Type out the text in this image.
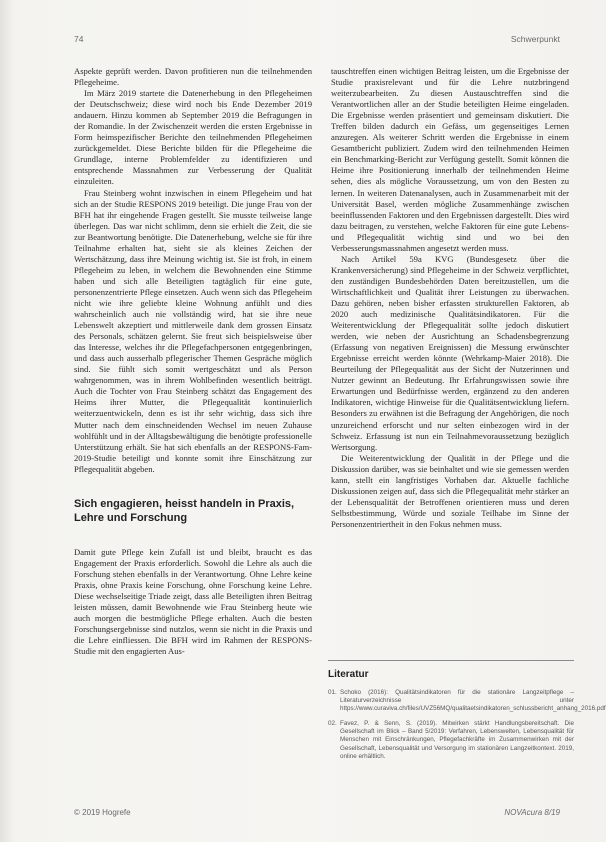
74	Schwerpunkt

Aspekte geprüft werden. Davon profitieren nun die teilnehmenden Pflegeheime.

Im März 2019 startete die Datenerhebung in den Pflegeheimen der Deutschschweiz; diese wird noch bis Ende Dezember 2019 andauern. Hinzu kommen ab September 2019 die Befragungen in der Romandie. In der Zwischenzeit werden die ersten Ergebnisse in Form heimspezifischer Berichte den teilnehmenden Pflegeheimen zurückgemeldet. Diese Berichte bilden für die Pflegeheime die Grundlage, interne Problemfelder zu identifizieren und entsprechende Massnahmen zur Verbesserung der Qualität einzuleiten.

Frau Steinberg wohnt inzwischen in einem Pflegeheim und hat sich an der Studie RESPONS 2019 beteiligt. Die junge Frau von der BFH hat ihr eingehende Fragen gestellt. Sie musste teilweise lange überlegen. Das war nicht schlimm, denn sie erhielt die Zeit, die sie zur Beantwortung benötigte. Die Datenerhebung, welche sie für ihre Teilnahme erhalten hat, sieht sie als kleines Zeichen der Wertschätzung, dass ihre Meinung wichtig ist. Sie ist froh, in einem Pflegeheim zu leben, in welchem die Bewohnenden eine Stimme haben und sich alle Beteiligten tagtäglich für eine gute, personenzentrierte Pflege einsetzen. Auch wenn sich das Pflegeheim nicht wie ihre geliebte kleine Wohnung anfühlt und dies wahrscheinlich auch nie vollständig wird, hat sie ihre neue Lebenswelt akzeptiert und mittlerweile dank dem grossen Einsatz des Personals, schätzen gelernt. Sie freut sich beispielsweise über das Interesse, welches ihr die Pflegefachpersonen entgegenbringen, und dass auch ausserhalb pflegerischer Themen Gespräche möglich sind. Sie fühlt sich somit wertgeschätzt und als Person wahrgenommen, was in ihrem Wohlbefinden wesentlich beiträgt. Auch die Tochter von Frau Steinberg schätzt das Engagement des Heims ihrer Mutter, die Pflegequalität kontinuierlich weiterzuentwickeln, denn es ist ihr sehr wichtig, dass sich ihre Mutter nach dem einschneidenden Wechsel im neuen Zuhause wohlfühlt und in der Alltagsbewältigung die benötigte professionelle Unterstützung erhält. Sie hat sich ebenfalls an der RESPONS-Fam-2019-Studie beteiligt und konnte somit ihre Einschätzung zur Pflegequalität abgeben.

Sich engagieren, heisst handeln in Praxis, Lehre und Forschung

Damit gute Pflege kein Zufall ist und bleibt, braucht es das Engagement der Praxis erforderlich. Sowohl die Lehre als auch die Forschung stehen ebenfalls in der Verantwortung. Ohne Lehre keine Praxis, ohne Praxis keine Forschung, ohne Forschung keine Lehre. Diese wechselseitige Triade zeigt, dass alle Beteiligten ihren Beitrag leisten müssen, damit Bewohnende wie Frau Steinberg heute wie auch morgen die bestmögliche Pflege erhalten. Auch die besten Forschungsergebnisse sind nutzlos, wenn sie nicht in die Praxis und die Lehre einfliessen. Die BFH wird im Rahmen der RESPONS-Studie mit den engagierten Aus-

tauschtreffen einen wichtigen Beitrag leisten, um die Ergebnisse der Studie praxisrelevant und für die Lehre nutzbringend weiterzubearbeiten. Zu diesen Austauschtreffen sind die Verantwortlichen aller an der Studie beteiligten Heime eingeladen. Die Ergebnisse werden präsentiert und gemeinsam diskutiert. Die Treffen bilden dadurch ein Gefäss, um gegenseitiges Lernen anzuregen. Als weiterer Schritt werden die Ergebnisse in einem Gesamtbericht publiziert. Zudem wird den teilnehmenden Heimen ein Benchmarking-Bericht zur Verfügung gestellt. Somit können die Heime ihre Positionierung innerhalb der teilnehmenden Heime sehen, dies als mögliche Voraussetzung, um von den Besten zu lernen. In weiteren Datenanalysen, auch in Zusammenarbeit mit der Universität Basel, werden mögliche Zusammenhänge zwischen beeinflussenden Faktoren und den Ergebnissen dargestellt. Dies wird dazu beitragen, zu verstehen, welche Faktoren für eine gute Lebens- und Pflegequalität wichtig sind und wo bei den Verbesserungsmassnahmen angesetzt werden muss.

Nach Artikel 59a KVG (Bundesgesetz über die Krankenversicherung) sind Pflegeheime in der Schweiz verpflichtet, den zuständigen Bundesbehörden Daten bereitzustellen, um die Wirtschaftlichkeit und Qualität ihrer Leistungen zu überwachen. Dazu gehören, neben bisher erfassten strukturellen Faktoren, ab 2020 auch medizinische Qualitätsindikatoren. Für die Weiterentwicklung der Pflegequalität sollte jedoch diskutiert werden, wie neben der Ausrichtung an Schadensbegrenzung (Erfassung von negativen Ereignissen) die Messung erwünschter Ergebnisse erreicht werden könnte (Wehrkamp-Maier 2018). Die Beurteilung der Pflegequalität aus der Sicht der Nutzerinnen und Nutzer gewinnt an Bedeutung. Ihr Erfahrungswissen sowie ihre Erwartungen und Bedürfnisse werden, ergänzend zu den anderen Indikatoren, wichtige Hinweise für die Qualitätsentwicklung liefern. Besonders zu erwähnen ist die Befragung der Angehörigen, die noch unzureichend erforscht und nur selten einbezogen wird in der Schweiz. Erfassung ist nun ein Teilnahmevoraussetzung bezüglich Wertsorgung.

Die Weiterentwicklung der Qualität in der Pflege und die Diskussion darüber, was sie beinhaltet und wie sie gemessen werden kann, stellt ein langfristiges Vorhaben dar. Aktuelle fachliche Diskussionen zeigen auf, dass sich die Pflegequalität mehr stärker an der Lebensqualität der Betroffenen orientieren muss und deren Selbstbestimmung, Würde und soziale Teilhabe im Sinne der Personenzentriertheit in den Fokus nehmen muss.

Literatur
01. Schoko (2016): Qualitätsindikatoren für die stationäre Langzeitpflege – Literaturverzeichnisse unter https://www.curaviva.ch/files/UVZ56MQ/qualitaetsindikatoren_schlussbericht_anhang_2016.pdf
02. Favez, P. & Senn, S. (2019). Mitwirken stärkt Handlungsbereitschaft. Die Gesellschaft im Blick – Band 5/2019: Verfahren, Lebenswelten, Lebensqualität für Menschen mit Einschränkungen, Pflegefachkräfte im Zusammenwirken mit der Gesellschaft, Lebensqualität und Versorgung im stationären Langzeitkontext. 2019, online erhältlich.
© 2019 Hogrefe	NOVAcura 8/19
